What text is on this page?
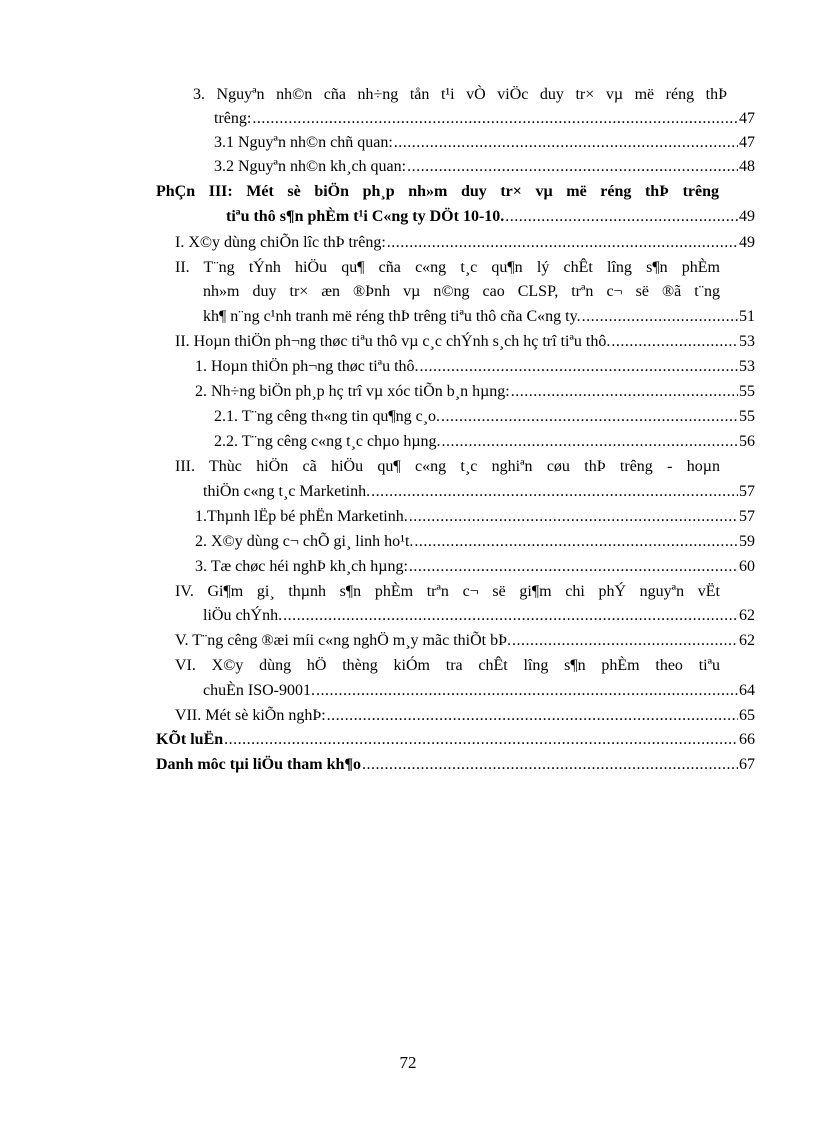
3. Nguyªn nh©n cña nh÷ng tån t¹i vÒ viÖc duy tr× vµ më réng thÞ
trêng: .....	47
3.1 Nguyªn nh©n chñ quan: .....	47
3.2 Nguyªn nh©n kh¸ch quan: .....	48
PhÇn III: Mét sè biÖn ph¸p nh»m duy tr× vµ më réng thÞ trêng
tiªu thô s¶n phÈm t¹i C«ng ty DÖt 10-10. .....	49
I. X©y dùng chiÕn lîc thÞ trêng: .....	49
II. T¨ng tÝnh hiÖu qu¶ cña c«ng t¸c qu¶n lý chÊt lîng s¶n phÈm
nh»m duy tr× æn ®Þnh vµ n©ng cao CLSP, trªn c¬ së ®ã t¨ng
kh¶ n¨ng c¹nh tranh më réng thÞ trêng tiªu thô cña C«ng ty. .....	51
II. Hoµn thiÖn ph¬ng thøc tiªu thô vµ c¸c chÝnh s¸ch hç trî tiªu thô. .....	53
1. Hoµn thiÖn ph¬ng thøc tiªu thô. .....	53
2. Nh÷ng biÖn ph¸p hç trî vµ xóc tiÕn b¸n hµng: .....	55
2.1. T¨ng cêng th«ng tin qu¶ng c¸o. .....	55
2.2. T¨ng cêng c«ng t¸c chµo hµng. .....	56
III. Thùc hiÖn cã hiÖu qu¶ c«ng t¸c nghiªn cøu thÞ trêng - hoµn
thiÖn c«ng t¸c Marketinh. .....	57
1.Thµnh lËp bé phËn Marketinh. .....	57
2. X©y dùng c¬ chÕ gi¸ linh ho¹t. .....	59
3. Tæ chøc héi nghÞ kh¸ch hµng: .....	60
IV. Gi¶m gi¸ thµnh s¶n phÈm trªn c¬ së gi¶m chi phÝ nguyªn vËt
liÖu chÝnh. .....	62
V. T¨ng cêng ®æi míi c«ng nghÖ m¸y mãc thiÕt bÞ. .....	62
VI. X©y dùng hÖ thèng kiÓm tra chÊt lîng s¶n phÈm theo tiªu
chuÈn ISO-9001. .....	64
VII. Mét sè kiÕn nghÞ: .....	65
KÕt luËn .....	66
Danh môc tµi liÖu tham kh¶o .....	67
72
